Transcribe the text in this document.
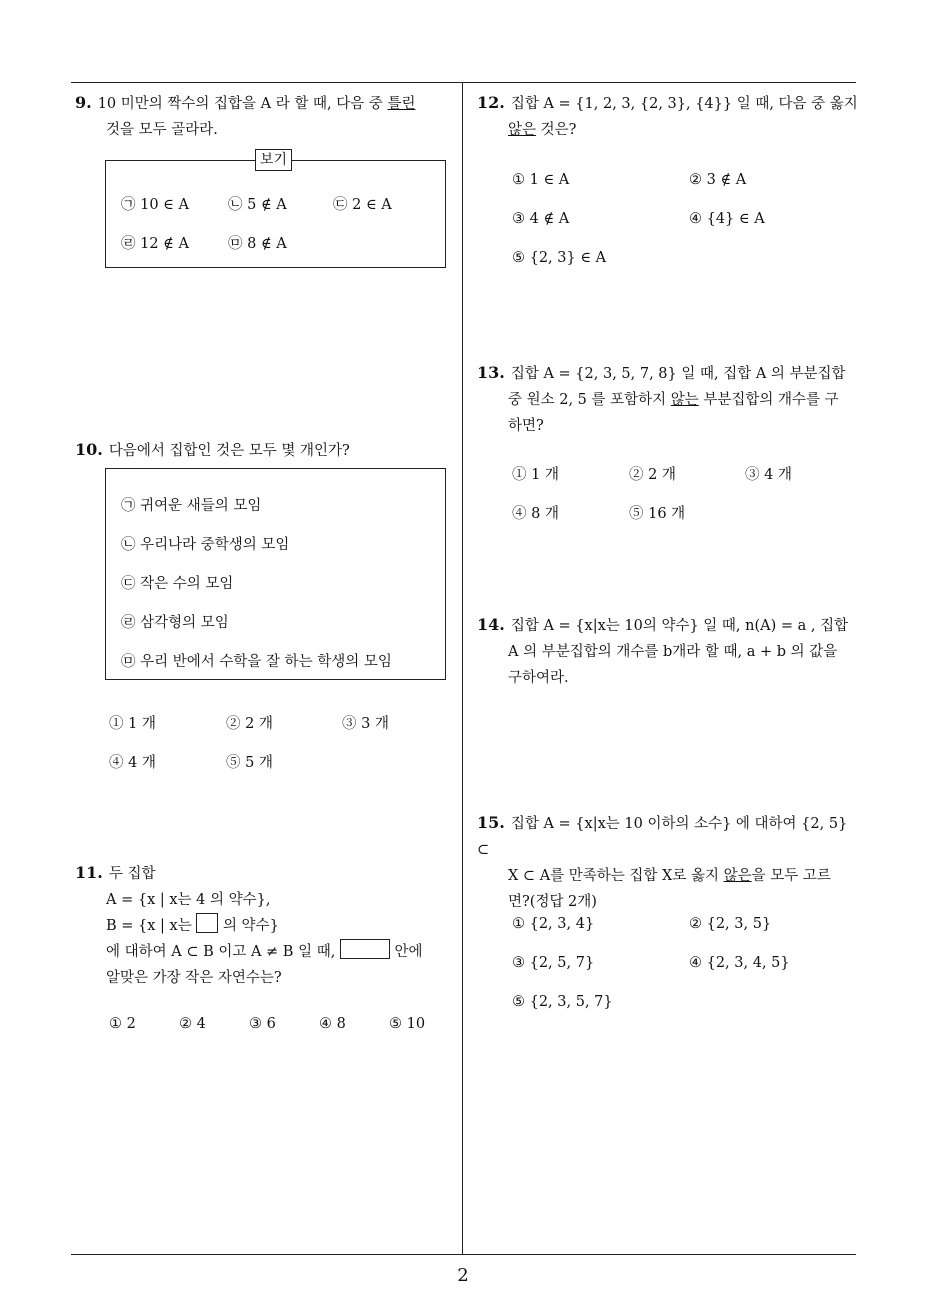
9. 10 미만의 짝수의 집합을 A 라 할 때, 다음 중 틀린
것을 모두 골라라.
보기
㉠ 10 ∈ A	㉡ 5 ∉ A	㉢ 2 ∈ A
㉣ 12 ∉ A	㉤ 8 ∉ A
10. 다음에서 집합인 것은 모두 몇 개인가?
㉠ 귀여운 새들의 모임
㉡ 우리나라 중학생의 모임
㉢ 작은 수의 모임
㉣ 삼각형의 모임
㉤ 우리 반에서 수학을 잘 하는 학생의 모임
① 1 개	② 2 개	③ 3 개
④ 4 개	⑤ 5 개
11. 두 집합
A = {x | x는 4 의 약수},
B = {x | x는 의 약수}
에 대하여 A ⊂ B 이고 A ≠ B 일 때,	안에
알맞은 가장 작은 자연수는?
① 2	② 4	③ 6	④ 8	⑤ 10
12. 집합 A = {1, 2, 3, {2, 3}, {4}} 일 때, 다음 중 옳지
않은 것은?
① 1 ∈ A	② 3 ∉ A
③ 4 ∉ A	④ {4} ∈ A
⑤ {2, 3} ∈ A
13. 집합 A = {2, 3, 5, 7, 8} 일 때, 집합 A 의 부분집합
중 원소 2, 5 를 포함하지 않는 부분집합의 개수를 구
하면?
① 1 개	② 2 개	③ 4 개
④ 8 개	⑤ 16 개
14. 집합 A = {x|x는 10의 약수} 일 때, n(A) = a , 집합
A 의 부분집합의 개수를 b개라 할 때, a + b 의 값을
구하여라.
15. 집합 A = {x|x는 10 이하의 소수} 에 대하여 {2, 5} ⊂
X ⊂ A를 만족하는 집합 X로 옳지 않은을 모두 고르
면?(정답 2개)
① {2, 3, 4}	② {2, 3, 5}
③ {2, 5, 7}	④ {2, 3, 4, 5}
⑤ {2, 3, 5, 7}
2
